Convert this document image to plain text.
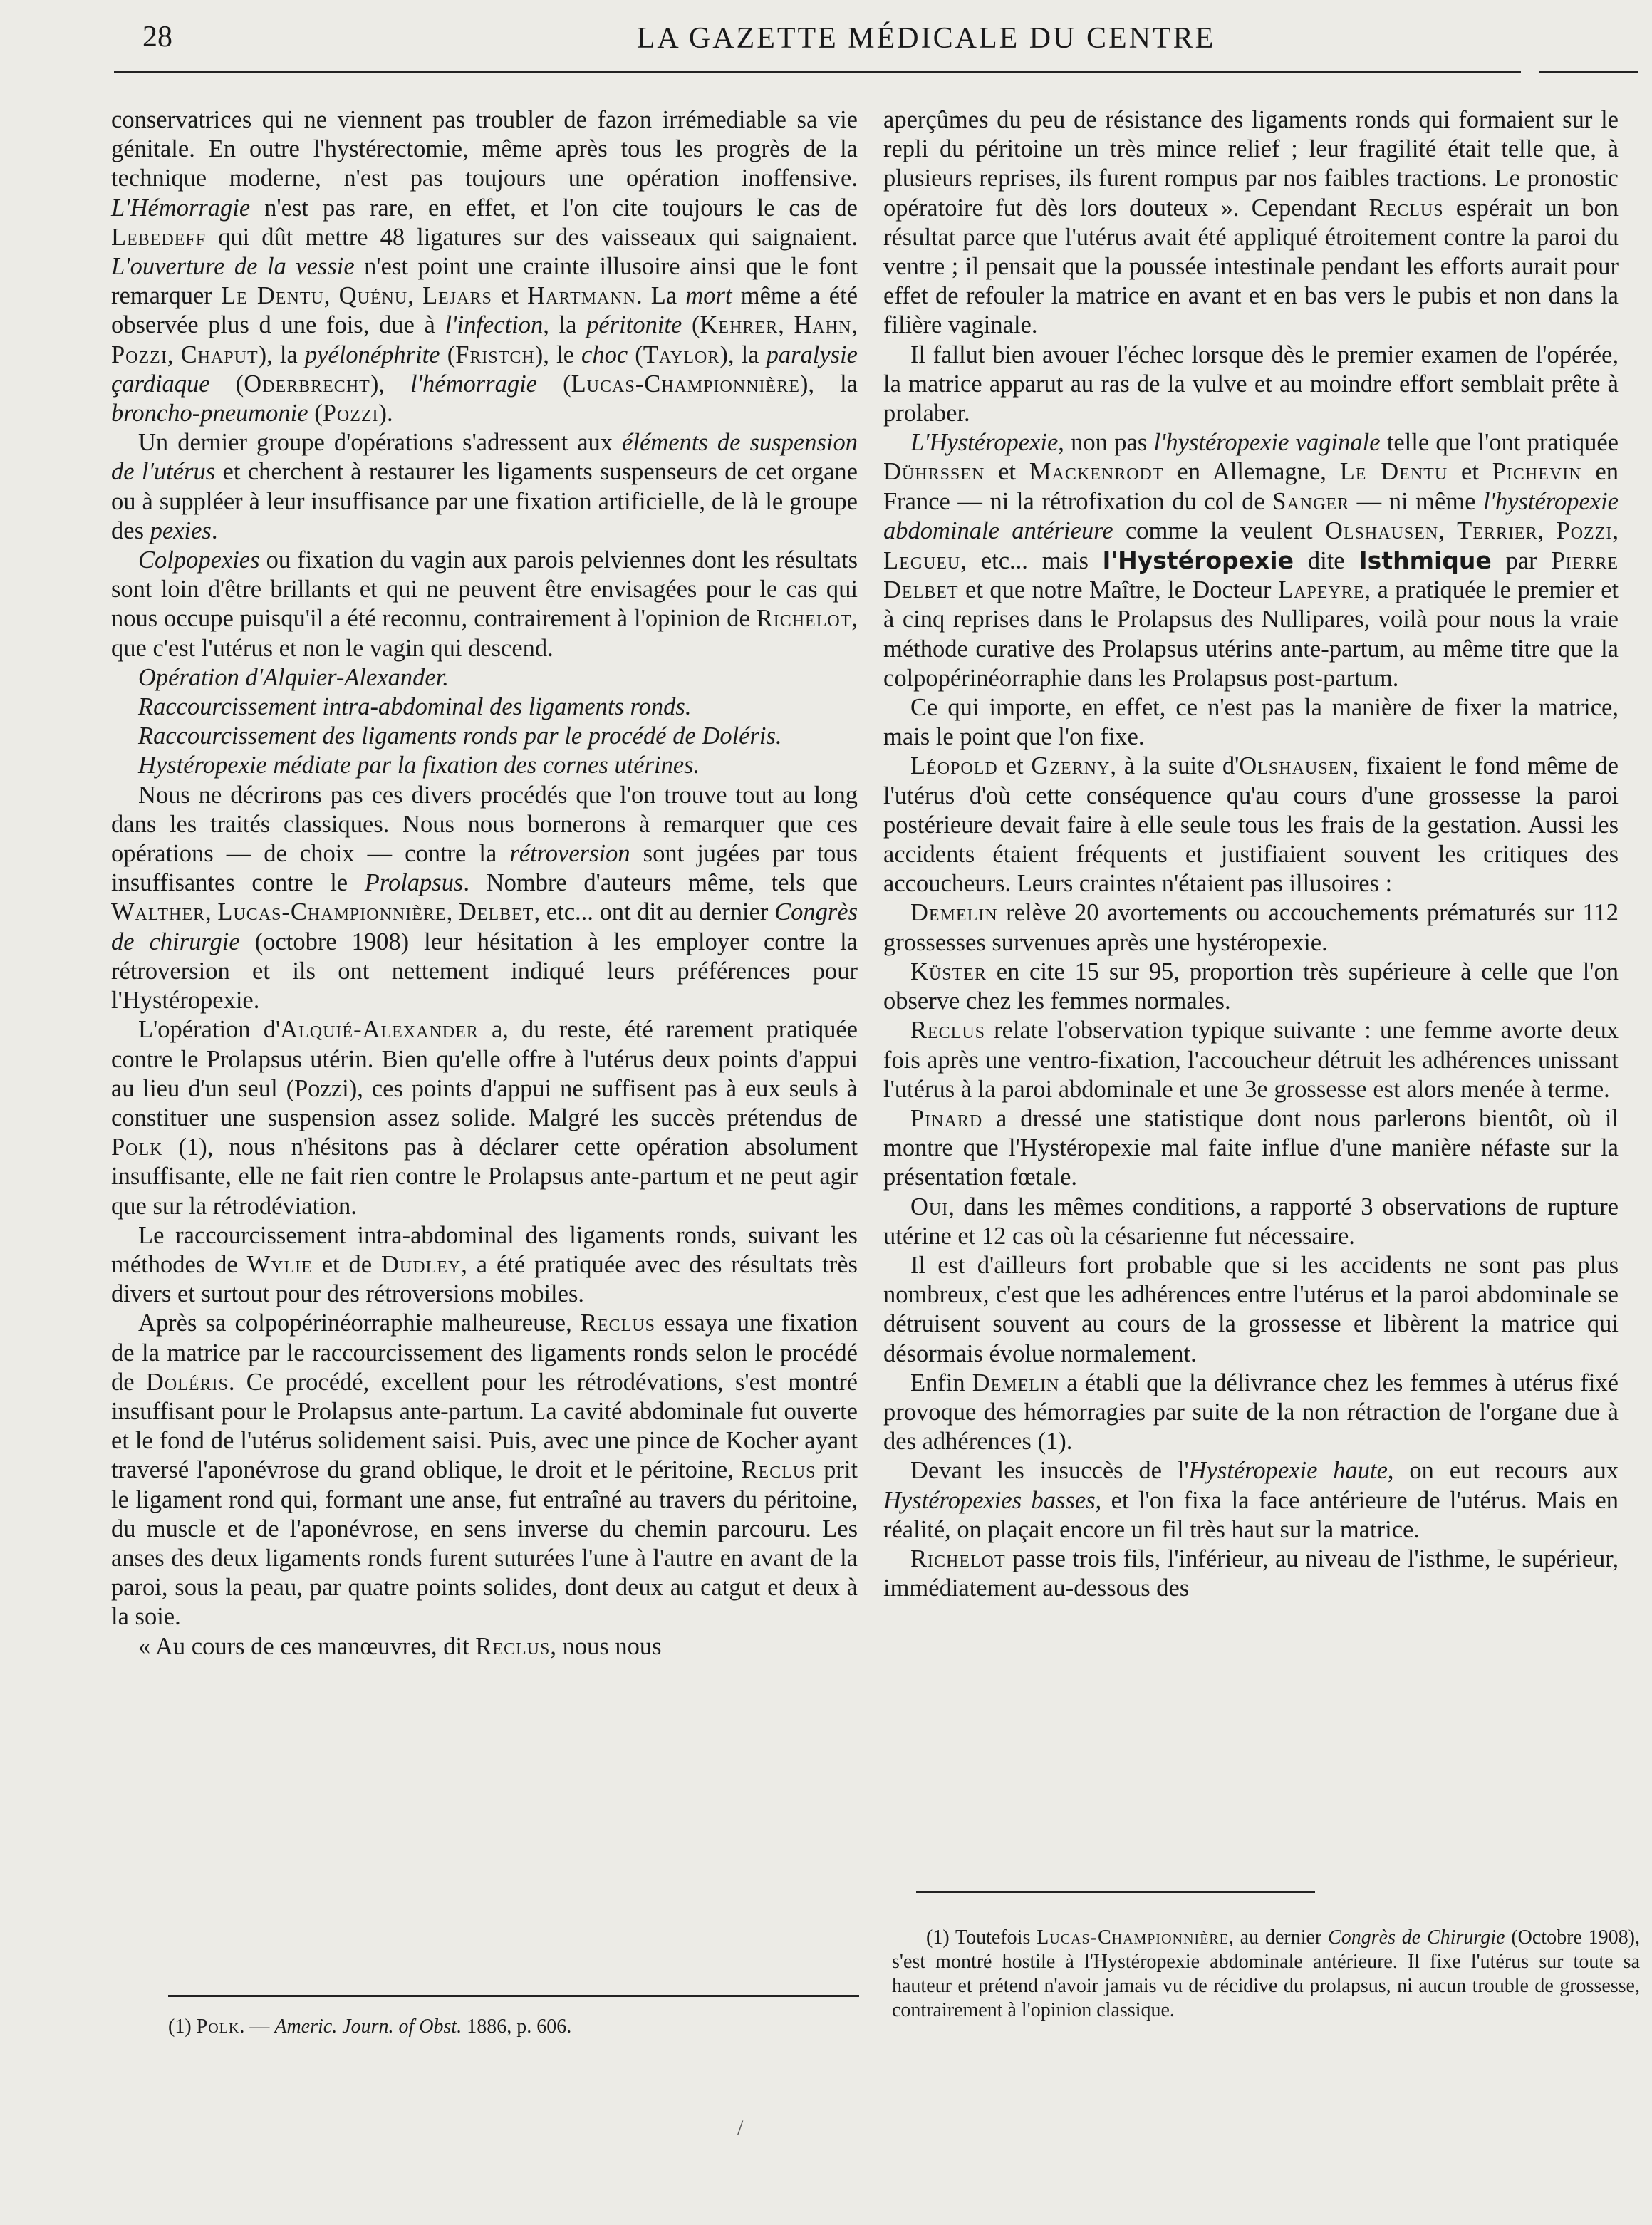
28	LA GAZETTE MÉDICALE DU CENTRE

conservatrices qui ne viennent pas troubler de fazon irrémediable sa vie génitale. En outre l'hystérectomie, même après tous les progrès de la technique moderne, n'est pas toujours une opération inoffensive. L'Hémorragie n'est pas rare, en effet, et l'on cite toujours le cas de Lebedeff qui dût mettre 48 ligatures sur des vaisseaux qui saignaient. L'ouverture de la vessie n'est point une crainte illusoire ainsi que le font remarquer Le Dentu, Quénu, Lejars et Hartmann. La mort même a été observée plus d une fois, due à l'infection, la péritonite (Kehrer, Hahn, Pozzi, Chaput), la pyélonéphrite (Fristch), le choc (Taylor), la paralysie çardiaque (Oderbrecht), l'hémorragie (Lucas-Championnière), la broncho-pneumonie (Pozzi).

Un dernier groupe d'opérations s'adressent aux éléments de suspension de l'utérus et cherchent à restaurer les ligaments suspenseurs de cet organe ou à suppléer à leur insuffisance par une fixation artificielle, de là le groupe des pexies.

Colpopexies ou fixation du vagin aux parois pelviennes dont les résultats sont loin d'être brillants et qui ne peuvent être envisagées pour le cas qui nous occupe puisqu'il a été reconnu, contrairement à l'opinion de Richelot, que c'est l'utérus et non le vagin qui descend.

Opération d'Alquier-Alexander.

Raccourcissement intra-abdominal des ligaments ronds.

Raccourcissement des ligaments ronds par le procédé de Doléris.

Hystéropexie médiate par la fixation des cornes utérines.

Nous ne décrirons pas ces divers procédés que l'on trouve tout au long dans les traités classiques. Nous nous bornerons à remarquer que ces opérations — de choix — contre la rétroversion sont jugées par tous insuffisantes contre le Prolapsus. Nombre d'auteurs même, tels que Walther, Lucas-Championnière, Delbet, etc... ont dit au dernier Congrès de chirurgie (octobre 1908) leur hésitation à les employer contre la rétroversion et ils ont nettement indiqué leurs préférences pour l'Hystéropexie.

L'opération d'Alquié-Alexander a, du reste, été rarement pratiquée contre le Prolapsus utérin. Bien qu'elle offre à l'utérus deux points d'appui au lieu d'un seul (Pozzi), ces points d'appui ne suffisent pas à eux seuls à constituer une suspension assez solide. Malgré les succès prétendus de Polk (1), nous n'hésitons pas à déclarer cette opération absolument insuffisante, elle ne fait rien contre le Prolapsus ante-partum et ne peut agir que sur la rétrodéviation.

Le raccourcissement intra-abdominal des ligaments ronds, suivant les méthodes de Wylie et de Dudley, a été pratiquée avec des résultats très divers et surtout pour des rétroversions mobiles.

Après sa colpopérinéorraphie malheureuse, Reclus essaya une fixation de la matrice par le raccourcissement des ligaments ronds selon le procédé de Doléris. Ce procédé, excellent pour les rétrodévations, s'est montré insuffisant pour le Prolapsus ante-partum. La cavité abdominale fut ouverte et le fond de l'utérus solidement saisi. Puis, avec une pince de Kocher ayant traversé l'aponévrose du grand oblique, le droit et le péritoine, Reclus prit le ligament rond qui, formant une anse, fut entraîné au travers du péritoine, du muscle et de l'aponévrose, en sens inverse du chemin parcouru. Les anses des deux ligaments ronds furent suturées l'une à l'autre en avant de la paroi, sous la peau, par quatre points solides, dont deux au catgut et deux à la soie.

« Au cours de ces manœuvres, dit Reclus, nous nous

aperçûmes du peu de résistance des ligaments ronds qui formaient sur le repli du péritoine un très mince relief ; leur fragilité était telle que, à plusieurs reprises, ils furent rompus par nos faibles tractions. Le pronostic opératoire fut dès lors douteux ». Cependant Reclus espérait un bon résultat parce que l'utérus avait été appliqué étroitement contre la paroi du ventre ; il pensait que la poussée intestinale pendant les efforts aurait pour effet de refouler la matrice en avant et en bas vers le pubis et non dans la filière vaginale.

Il fallut bien avouer l'échec lorsque dès le premier examen de l'opérée, la matrice apparut au ras de la vulve et au moindre effort semblait prête à prolaber.

L'Hystéropexie, non pas l'hystéropexie vaginale telle que l'ont pratiquée Dührssen et Mackenrodt en Allemagne, Le Dentu et Pichevin en France — ni la rétrofixation du col de Sanger — ni même l'hystéropexie abdominale antérieure comme la veulent Olshausen, Terrier, Pozzi, Legueu, etc... mais l'Hystéropexie dite Isthmique par Pierre Delbet et que notre Maître, le Docteur Lapeyre, a pratiquée le premier et à cinq reprises dans le Prolapsus des Nullipares, voilà pour nous la vraie méthode curative des Prolapsus utérins ante-partum, au même titre que la colpopérinéorraphie dans les Prolapsus post-partum.

Ce qui importe, en effet, ce n'est pas la manière de fixer la matrice, mais le point que l'on fixe.

Léopold et Gzerny, à la suite d'Olshausen, fixaient le fond même de l'utérus d'où cette conséquence qu'au cours d'une grossesse la paroi postérieure devait faire à elle seule tous les frais de la gestation. Aussi les accidents étaient fréquents et justifiaient souvent les critiques des accoucheurs. Leurs craintes n'étaient pas illusoires :

Demelin relève 20 avortements ou accouchements prématurés sur 112 grossesses survenues après une hystéropexie.

Küster en cite 15 sur 95, proportion très supérieure à celle que l'on observe chez les femmes normales.

Reclus relate l'observation typique suivante : une femme avorte deux fois après une ventro-fixation, l'accoucheur détruit les adhérences unissant l'utérus à la paroi abdominale et une 3e grossesse est alors menée à terme.

Pinard a dressé une statistique dont nous parlerons bientôt, où il montre que l'Hystéropexie mal faite influe d'une manière néfaste sur la présentation fœtale.

Oui, dans les mêmes conditions, a rapporté 3 observations de rupture utérine et 12 cas où la césarienne fut nécessaire.

Il est d'ailleurs fort probable que si les accidents ne sont pas plus nombreux, c'est que les adhérences entre l'utérus et la paroi abdominale se détruisent souvent au cours de la grossesse et libèrent la matrice qui désormais évolue normalement.

Enfin Demelin a établi que la délivrance chez les femmes à utérus fixé provoque des hémorragies par suite de la non rétraction de l'organe due à des adhérences (1).

Devant les insuccès de l'Hystéropexie haute, on eut recours aux Hystéropexies basses, et l'on fixa la face antérieure de l'utérus. Mais en réalité, on plaçait encore un fil très haut sur la matrice.

Richelot passe trois fils, l'inférieur, au niveau de l'isthme, le supérieur, immédiatement au-dessous des

(1) Polk. — Americ. Journ. of Obst. 1886, p. 606.
(1) Toutefois Lucas-Championnière, au dernier Congrès de Chirurgie (Octobre 1908), s'est montré hostile à l'Hystéropexie abdominale antérieure. Il fixe l'utérus sur toute sa hauteur et prétend n'avoir jamais vu de récidive du prolapsus, ni aucun trouble de grossesse, contrairement à l'opinion classique.
/
